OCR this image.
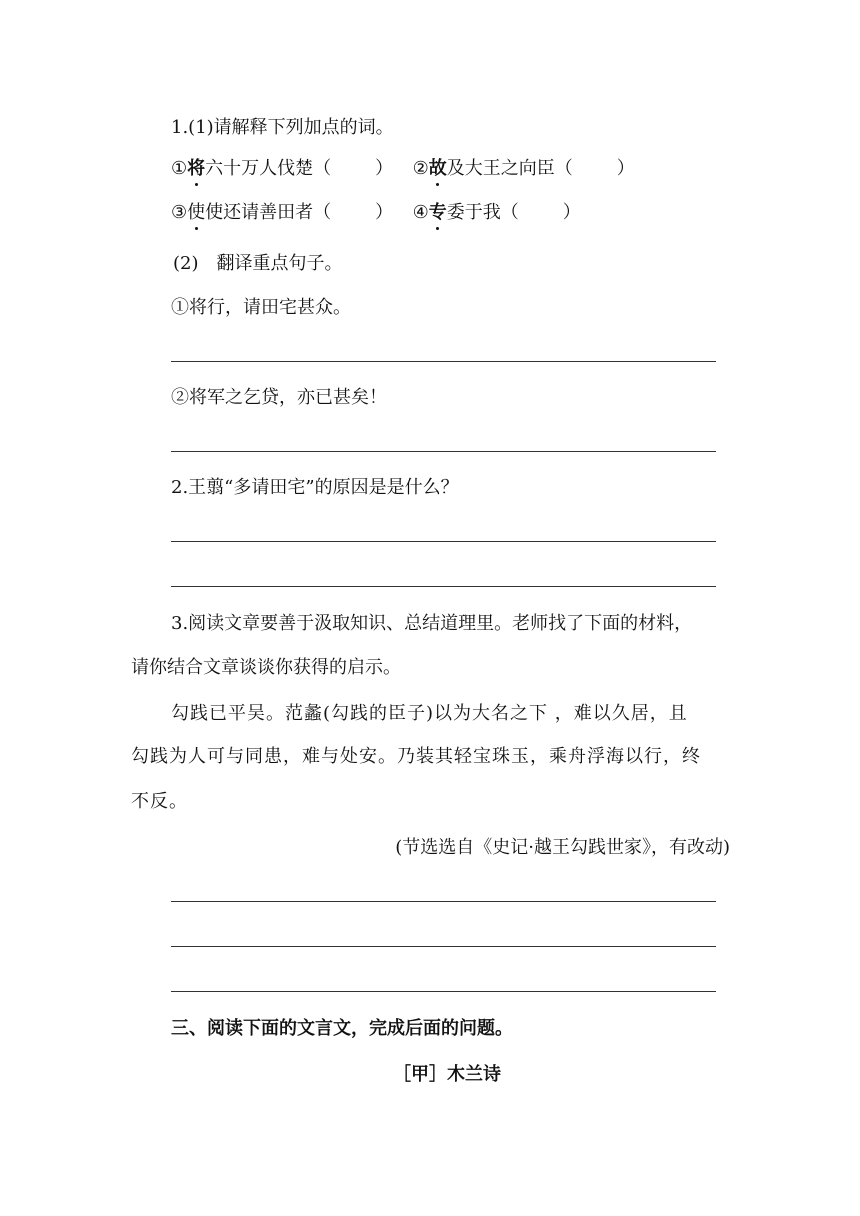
1.(1)请解释下列加点的词。
①将六十万人伐楚（ ） ②故及大王之向臣（ ）
③使使还请善田者（ ） ④专委于我（ ）
(2) 翻译重点句子。
①将行，请田宅甚众。
②将军之乞贷，亦已甚矣！
2.王翦“多请田宅”的原因是是什么？
3.阅读文章要善于汲取知识、总结道理里。老师找了下面的材料，
请你结合文章谈谈你获得的启示。
勾践已平吴。范蠡(勾践的臣子)以为大名之下 ，难以久居，且
勾践为人可与同患，难与处安。乃装其轻宝珠玉，乘舟浮海以行，终
不反。
(节选选自《史记·越王勾践世家》，有改动)
三、阅读下面的文言文，完成后面的问题。
［甲］木兰诗
